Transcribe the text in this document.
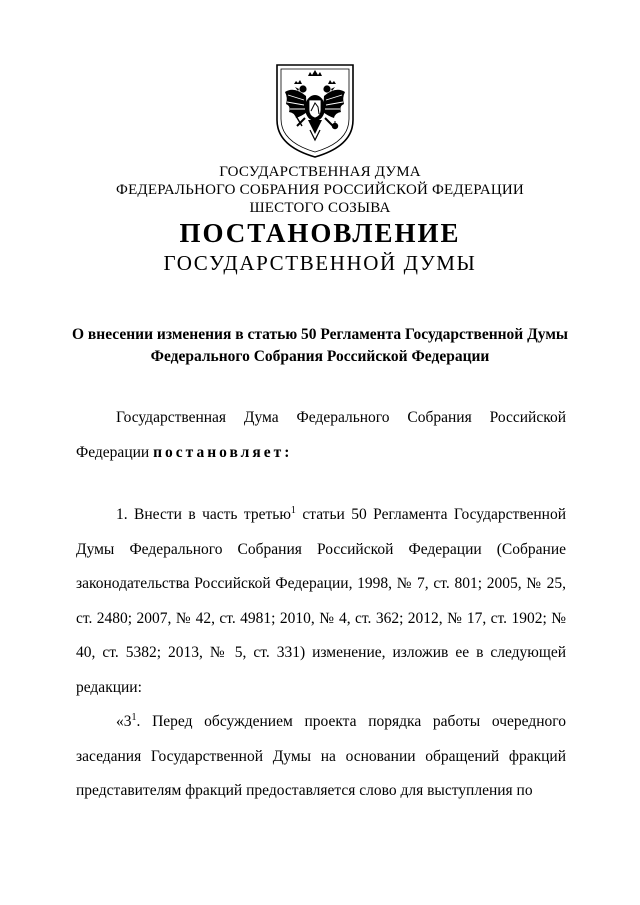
ГОСУДАРСТВЕННАЯ ДУМА
ФЕДЕРАЛЬНОГО СОБРАНИЯ РОССИЙСКОЙ ФЕДЕРАЦИИ
ШЕСТОГО СОЗЫВА
ПОСТАНОВЛЕНИЕ
ГОСУДАРСТВЕННОЙ ДУМЫ
О внесении изменения в статью 50 Регламента Государственной Думы Федерального Собрания Российской Федерации
Государственная Дума Федерального Собрания Российской Федерации постановляет:
1. Внести в часть третью$^1$ статьи 50 Регламента Государственной Думы Федерального Собрания Российской Федерации (Собрание законодательства Российской Федерации, 1998, № 7, ст. 801; 2005, № 25, ст. 2480; 2007, № 42, ст. 4981; 2010, № 4, ст. 362; 2012, № 17, ст. 1902; № 40, ст. 5382; 2013, № 5, ст. 331) изменение, изложив ее в следующей редакции:
«$3^1$. Перед обсуждением проекта порядка работы очередного заседания Государственной Думы на основании обращений фракций представителям фракций предоставляется слово для выступления по
